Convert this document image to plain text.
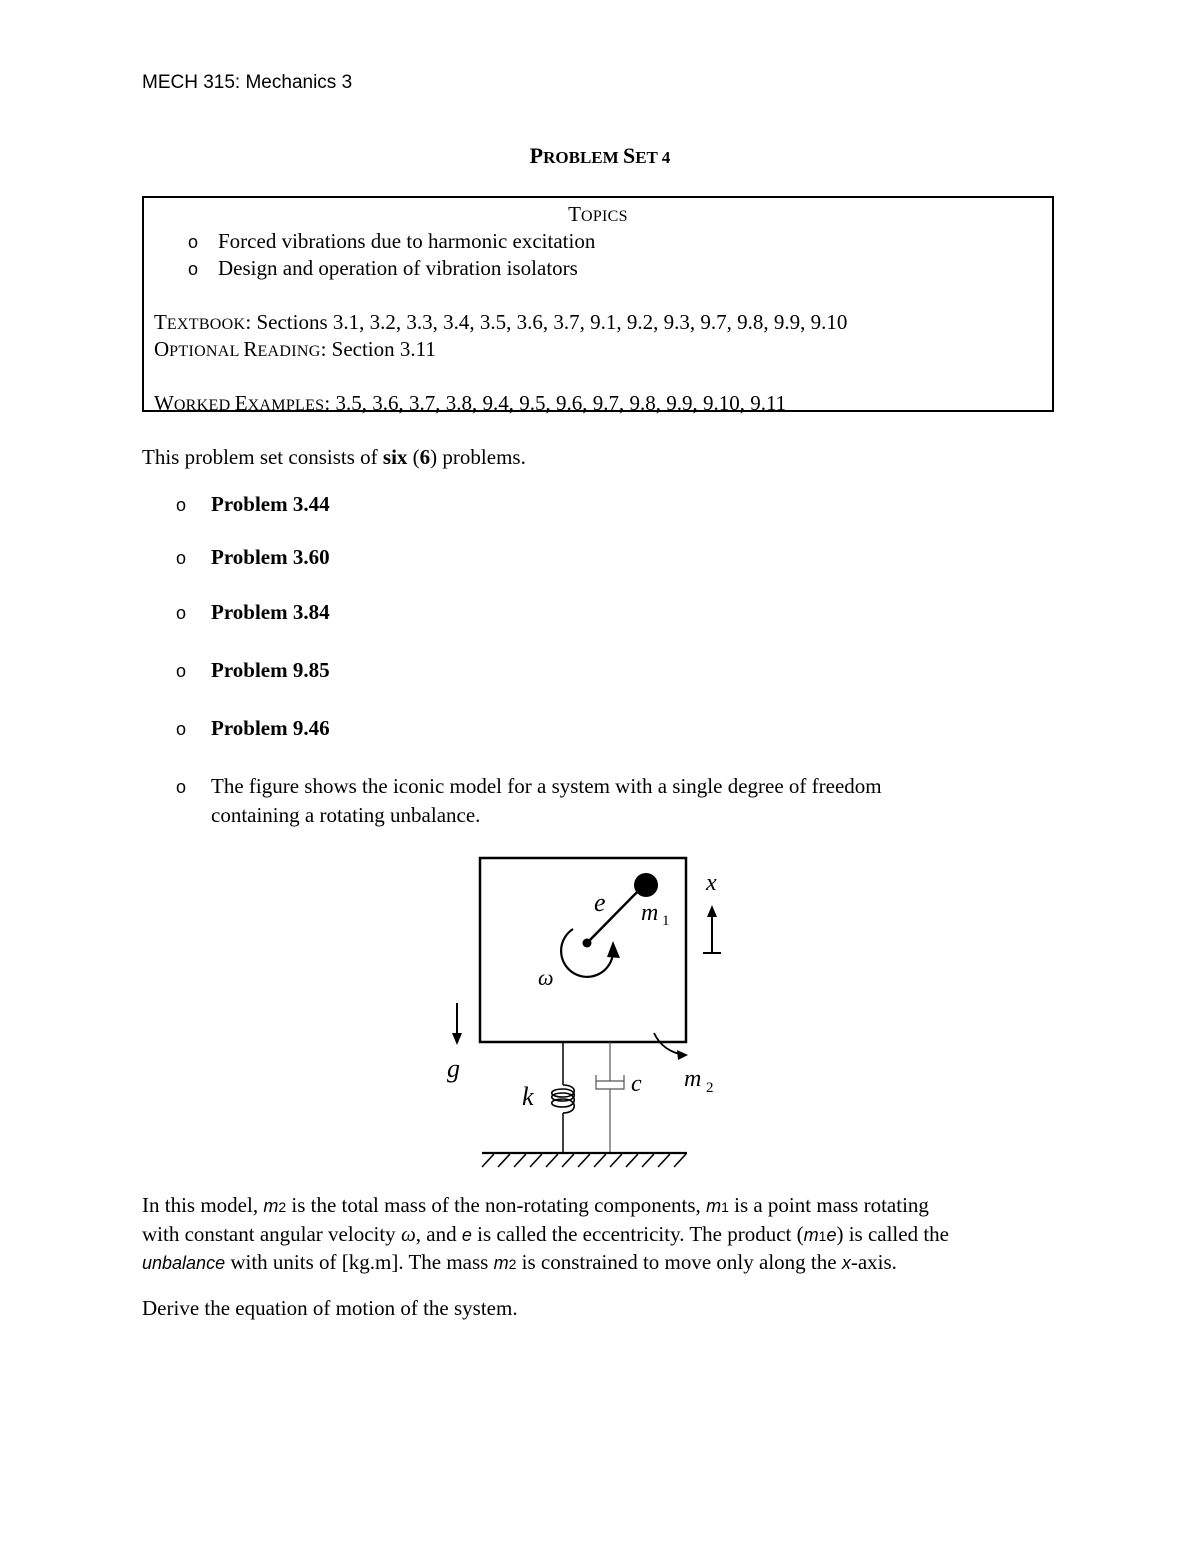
MECH 315: Mechanics 3
PROBLEM SET 4
TOPICS
o Forced vibrations due to harmonic excitation
o Design and operation of vibration isolators
TEXTBOOK: Sections 3.1, 3.2, 3.3, 3.4, 3.5, 3.6, 3.7, 9.1, 9.2, 9.3, 9.7, 9.8, 9.9, 9.10
OPTIONAL READING: Section 3.11
WORKED EXAMPLES: 3.5, 3.6, 3.7, 3.8, 9.4, 9.5, 9.6, 9.7, 9.8, 9.9, 9.10, 9.11
This problem set consists of six (6) problems.
o Problem 3.44
o Problem 3.60
o Problem 3.84
o Problem 9.85
o Problem 9.46
o The figure shows the iconic model for a system with a single degree of freedom
containing a rotating unbalance.
x
e m 1
ω
g
k	c m 2
In this model, m2 is the total mass of the non-rotating components, m1 is a point mass rotating
with constant angular velocity ω, and e is called the eccentricity. The product (m1e) is called the
unbalance with units of [kg.m]. The mass m2 is constrained to move only along the x-axis.
Derive the equation of motion of the system.
